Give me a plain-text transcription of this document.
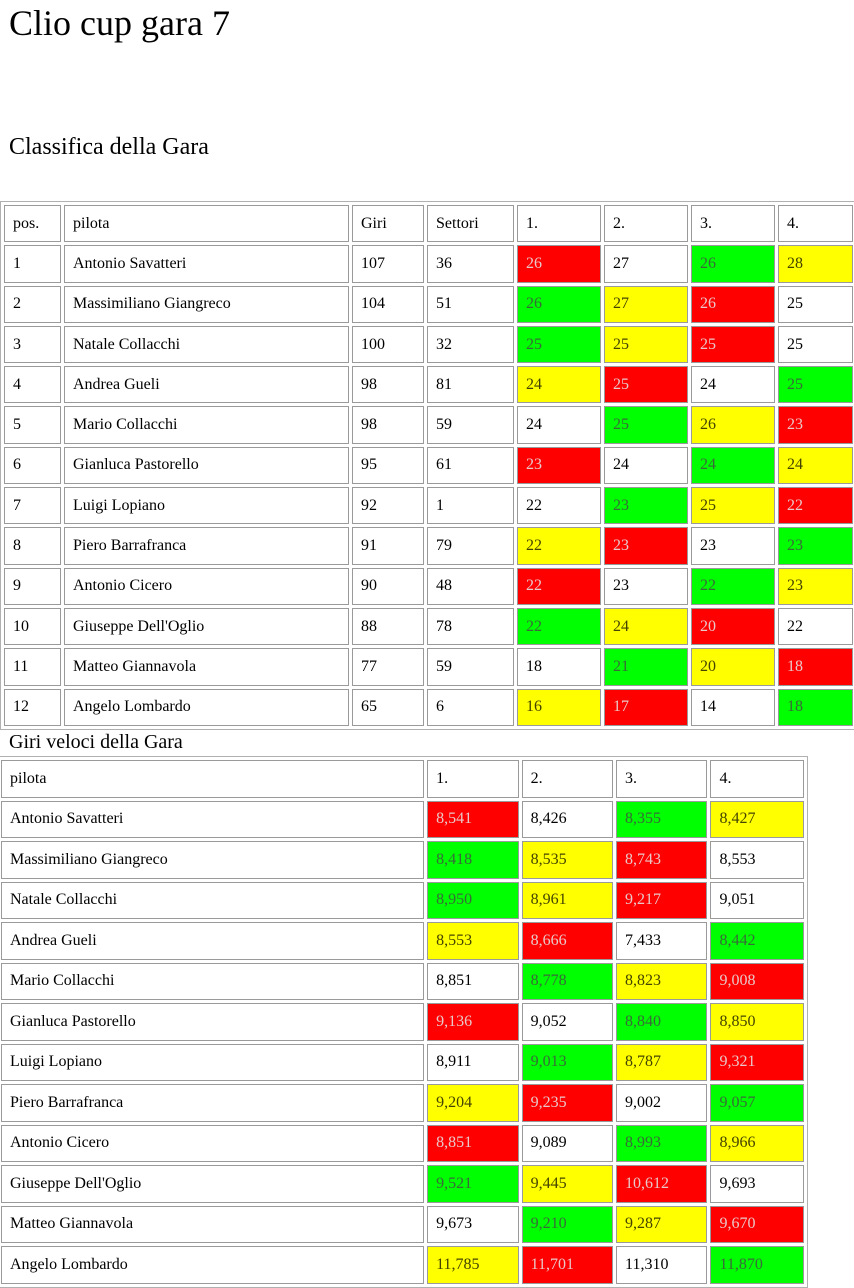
Clio cup gara 7
Classifica della Gara
pos.	pilota	Giri	Settori	1.	2.	3.	4.
1	Antonio Savatteri	107	36	26	27	26	28
2	Massimiliano Giangreco	104	51	26	27	26	25
3	Natale Collacchi	100	32	25	25	25	25
4	Andrea Gueli	98	81	24	25	24	25
5	Mario Collacchi	98	59	24	25	26	23
6	Gianluca Pastorello	95	61	23	24	24	24
7	Luigi Lopiano	92	1	22	23	25	22
8	Piero Barrafranca	91	79	22	23	23	23
9	Antonio Cicero	90	48	22	23	22	23
10	Giuseppe Dell'Oglio	88	78	22	24	20	22
11	Matteo Giannavola	77	59	18	21	20	18
12	Angelo Lombardo	65	6	16	17	14	18
Giri veloci della Gara
pilota	1.	2.	3.	4.
Antonio Savatteri	8,541	8,426	8,355	8,427
Massimiliano Giangreco	8,418	8,535	8,743	8,553
Natale Collacchi	8,950	8,961	9,217	9,051
Andrea Gueli	8,553	8,666	7,433	8,442
Mario Collacchi	8,851	8,778	8,823	9,008
Gianluca Pastorello	9,136	9,052	8,840	8,850
Luigi Lopiano	8,911	9,013	8,787	9,321
Piero Barrafranca	9,204	9,235	9,002	9,057
Antonio Cicero	8,851	9,089	8,993	8,966
Giuseppe Dell'Oglio	9,521	9,445	10,612	9,693
Matteo Giannavola	9,673	9,210	9,287	9,670
Angelo Lombardo	11,785	11,701	11,310	11,870
